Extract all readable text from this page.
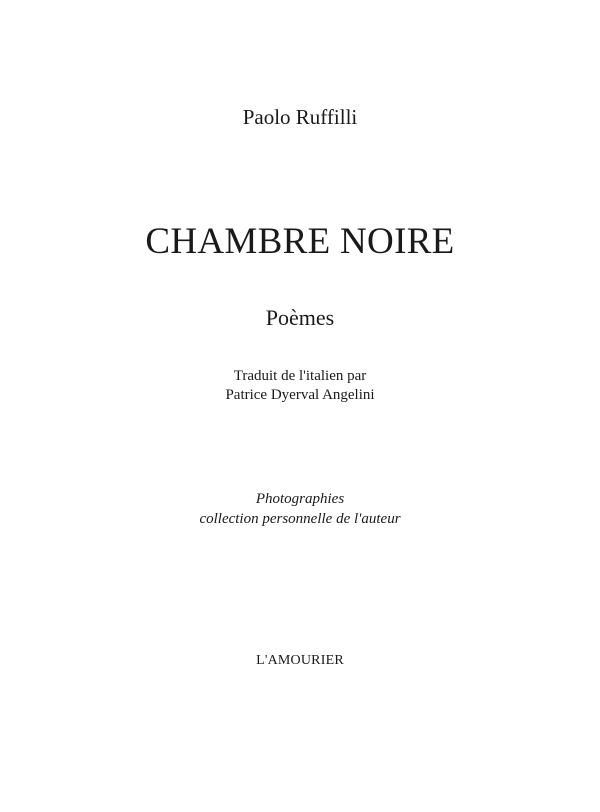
Paolo Ruffilli
CHAMBRE NOIRE
Poèmes
Traduit de l'italien par
Patrice Dyerval Angelini
Photographies
collection personnelle de l'auteur
L'AMOURIER
